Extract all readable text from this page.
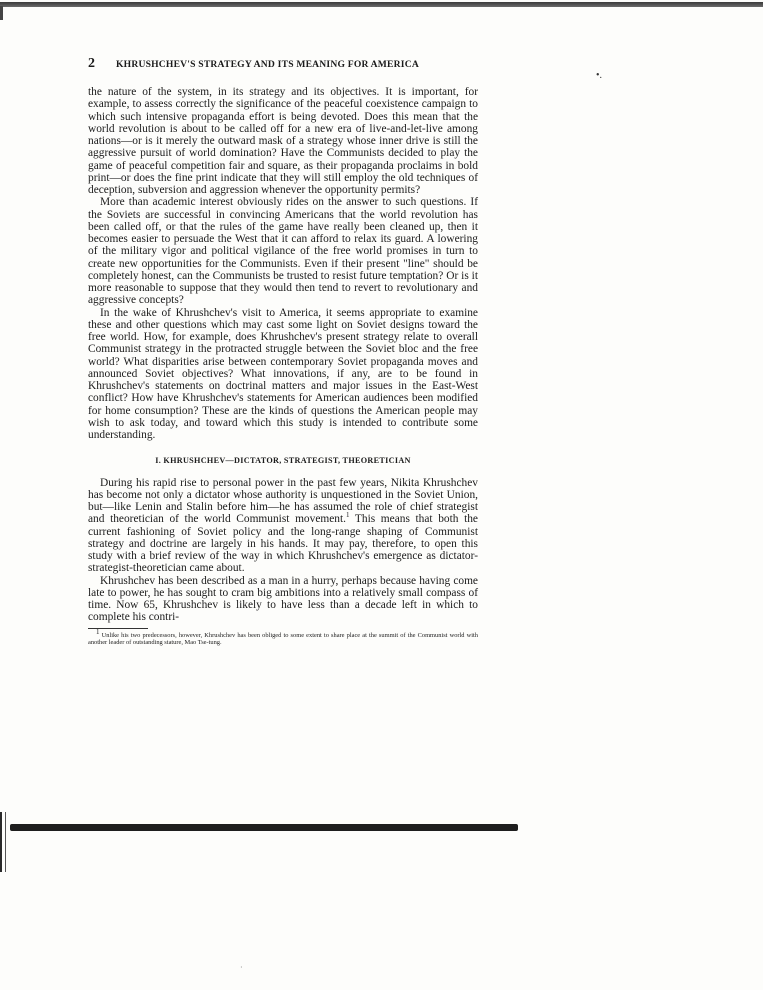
•.
2	KHRUSHCHEV'S STRATEGY AND ITS MEANING FOR AMERICA

the nature of the system, in its strategy and its objectives. It is important, for example, to assess correctly the significance of the peaceful coexistence campaign to which such intensive propaganda effort is being devoted. Does this mean that the world revolution is about to be called off for a new era of live-and-let-live among nations—or is it merely the outward mask of a strategy whose inner drive is still the aggressive pursuit of world domination? Have the Communists decided to play the game of peaceful competition fair and square, as their propaganda proclaims in bold print—or does the fine print indicate that they will still employ the old techniques of deception, subversion and aggression whenever the opportunity permits?

More than academic interest obviously rides on the answer to such questions. If the Soviets are successful in convincing Americans that the world revolution has been called off, or that the rules of the game have really been cleaned up, then it becomes easier to persuade the West that it can afford to relax its guard. A lowering of the military vigor and political vigilance of the free world promises in turn to create new opportunities for the Communists. Even if their present "line" should be completely honest, can the Communists be trusted to resist future temptation? Or is it more reasonable to suppose that they would then tend to revert to revolutionary and aggressive concepts?

In the wake of Khrushchev's visit to America, it seems appropriate to examine these and other questions which may cast some light on Soviet designs toward the free world. How, for example, does Khrushchev's present strategy relate to overall Communist strategy in the protracted struggle between the Soviet bloc and the free world? What disparities arise between contemporary Soviet propaganda moves and announced Soviet objectives? What innovations, if any, are to be found in Khrushchev's statements on doctrinal matters and major issues in the East-West conflict? How have Khrushchev's statements for American audiences been modified for home consumption? These are the kinds of questions the American people may wish to ask today, and toward which this study is intended to contribute some understanding.

I. KHRUSHCHEV—DICTATOR, STRATEGIST, THEORETICIAN

During his rapid rise to personal power in the past few years, Nikita Khrushchev has become not only a dictator whose authority is unquestioned in the Soviet Union, but—like Lenin and Stalin before him—he has assumed the role of chief strategist and theoretician of the world Communist movement.$^1$ This means that both the current fashioning of Soviet policy and the long-range shaping of Communist strategy and doctrine are largely in his hands. It may pay, therefore, to open this study with a brief review of the way in which Khrushchev's emergence as dictator-strategist-theoretician came about.

Khrushchev has been described as a man in a hurry, perhaps because having come late to power, he has sought to cram big ambitions into a relatively small compass of time. Now 65, Khrushchev is likely to have less than a decade left in which to complete his contri-

$^1$ Unlike his two predecessors, however, Khrushchev has been obliged to some extent to share place at the summit of the Communist world with another leader of outstanding stature, Mao Tse-tung.
·
